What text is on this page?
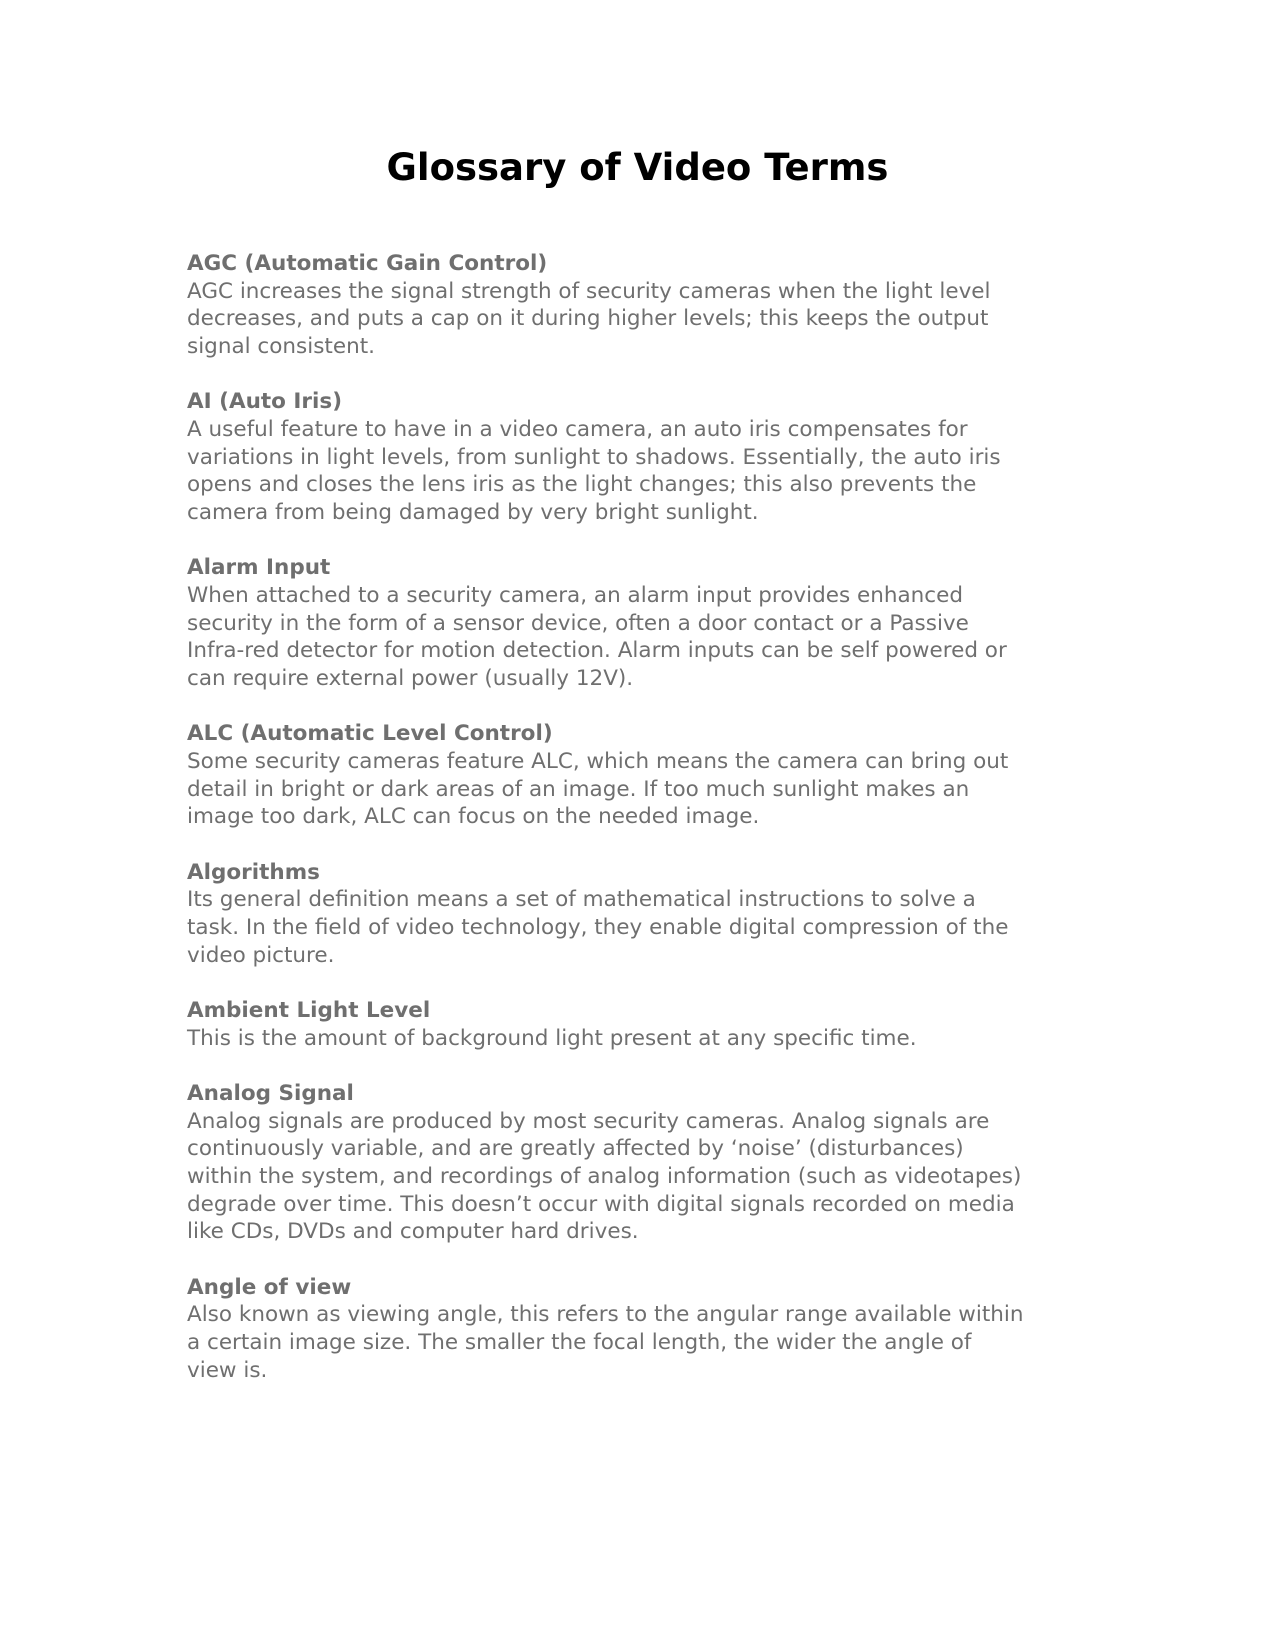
Glossary of Video Terms

AGC (Automatic Gain Control)

AGC increases the signal strength of security cameras when the light level
decreases, and puts a cap on it during higher levels; this keeps the output
signal consistent.

AI (Auto Iris)

A useful feature to have in a video camera, an auto iris compensates for
variations in light levels, from sunlight to shadows. Essentially, the auto iris
opens and closes the lens iris as the light changes; this also prevents the
camera from being damaged by very bright sunlight.

Alarm Input

When attached to a security camera, an alarm input provides enhanced
security in the form of a sensor device, often a door contact or a Passive
Infra-red detector for motion detection. Alarm inputs can be self powered or
can require external power (usually 12V).

ALC (Automatic Level Control)

Some security cameras feature ALC, which means the camera can bring out
detail in bright or dark areas of an image. If too much sunlight makes an
image too dark, ALC can focus on the needed image.

Algorithms

Its general definition means a set of mathematical instructions to solve a
task. In the field of video technology, they enable digital compression of the
video picture.

Ambient Light Level

This is the amount of background light present at any specific time.

Analog Signal

Analog signals are produced by most security cameras. Analog signals are
continuously variable, and are greatly affected by ‘noise’ (disturbances)
within the system, and recordings of analog information (such as videotapes)
degrade over time. This doesn’t occur with digital signals recorded on media
like CDs, DVDs and computer hard drives.

Angle of view

Also known as viewing angle, this refers to the angular range available within
a certain image size. The smaller the focal length, the wider the angle of
view is.
